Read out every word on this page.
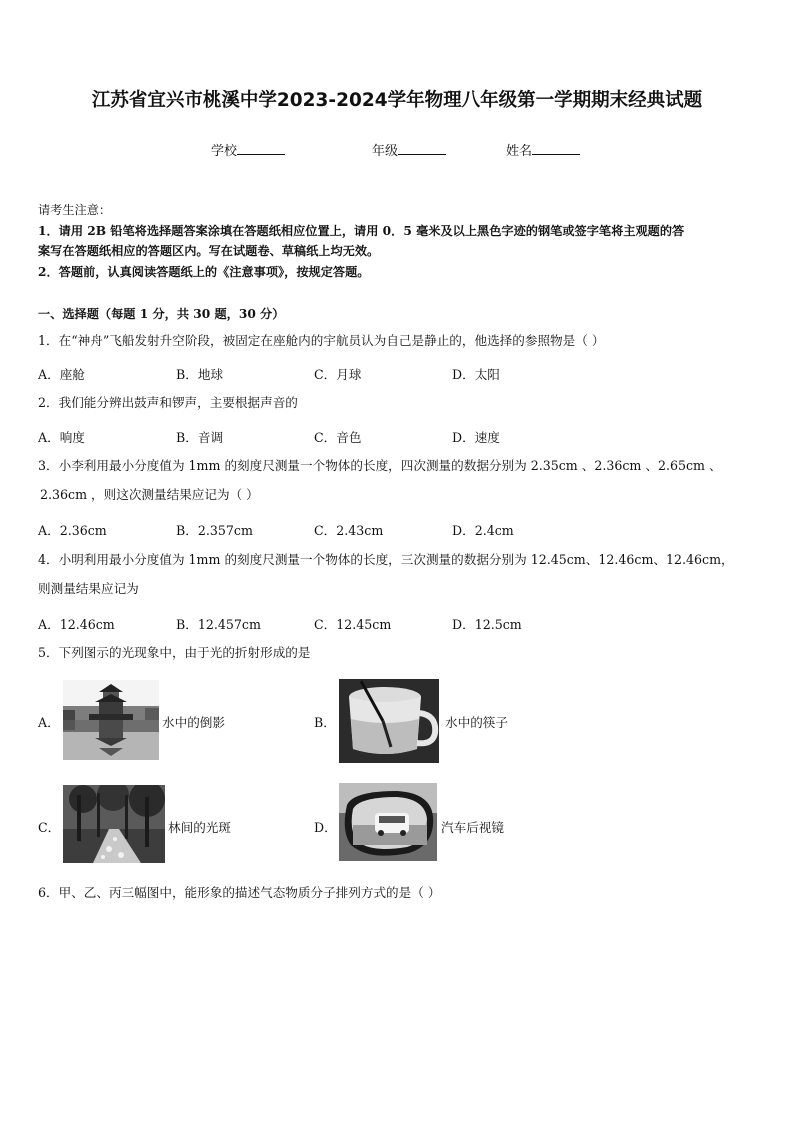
江苏省宜兴市桃溪中学2023-2024学年物理八年级第一学期期末经典试题
学校	年级	姓名
请考生注意：
1．请用 2B 铅笔将选择题答案涂填在答题纸相应位置上，请用 0．5 毫米及以上黑色字迹的钢笔或签字笔将主观题的答
案写在答题纸相应的答题区内。写在试题卷、草稿纸上均无效。
2．答题前，认真阅读答题纸上的《注意事项》，按规定答题。
一、选择题（每题 1 分，共 30 题，30 分）
1．在“神舟”飞船发射升空阶段，被固定在座舱内的宇航员认为自己是静止的，他选择的参照物是（ ）
A．座舱	B．地球	C．月球	D．太阳
2．我们能分辨出鼓声和锣声，主要根据声音的
A．响度	B．音调	C．音色	D．速度
3．小李利用最小分度值为 1mm 的刻度尺测量一个物体的长度，四次测量的数据分别为 2.35cm 、2.36cm 、2.65cm 、
2.36cm ，则这次测量结果应记为（ ）
A．2.36cm	B．2.357cm	C．2.43cm	D．2.4cm
4．小明利用最小分度值为 1mm 的刻度尺测量一个物体的长度，三次测量的数据分别为 12.45cm、12.46cm、12.46cm，
则测量结果应记为
A．12.46cm	B．12.457cm	C．12.45cm	D．12.5cm
5．下列图示的光现象中，由于光的折射形成的是
A．	水中的倒影	B．	水中的筷子
C．	林间的光斑	D．	汽车后视镜
6．甲、乙、丙三幅图中，能形象的描述气态物质分子排列方式的是（ ）
